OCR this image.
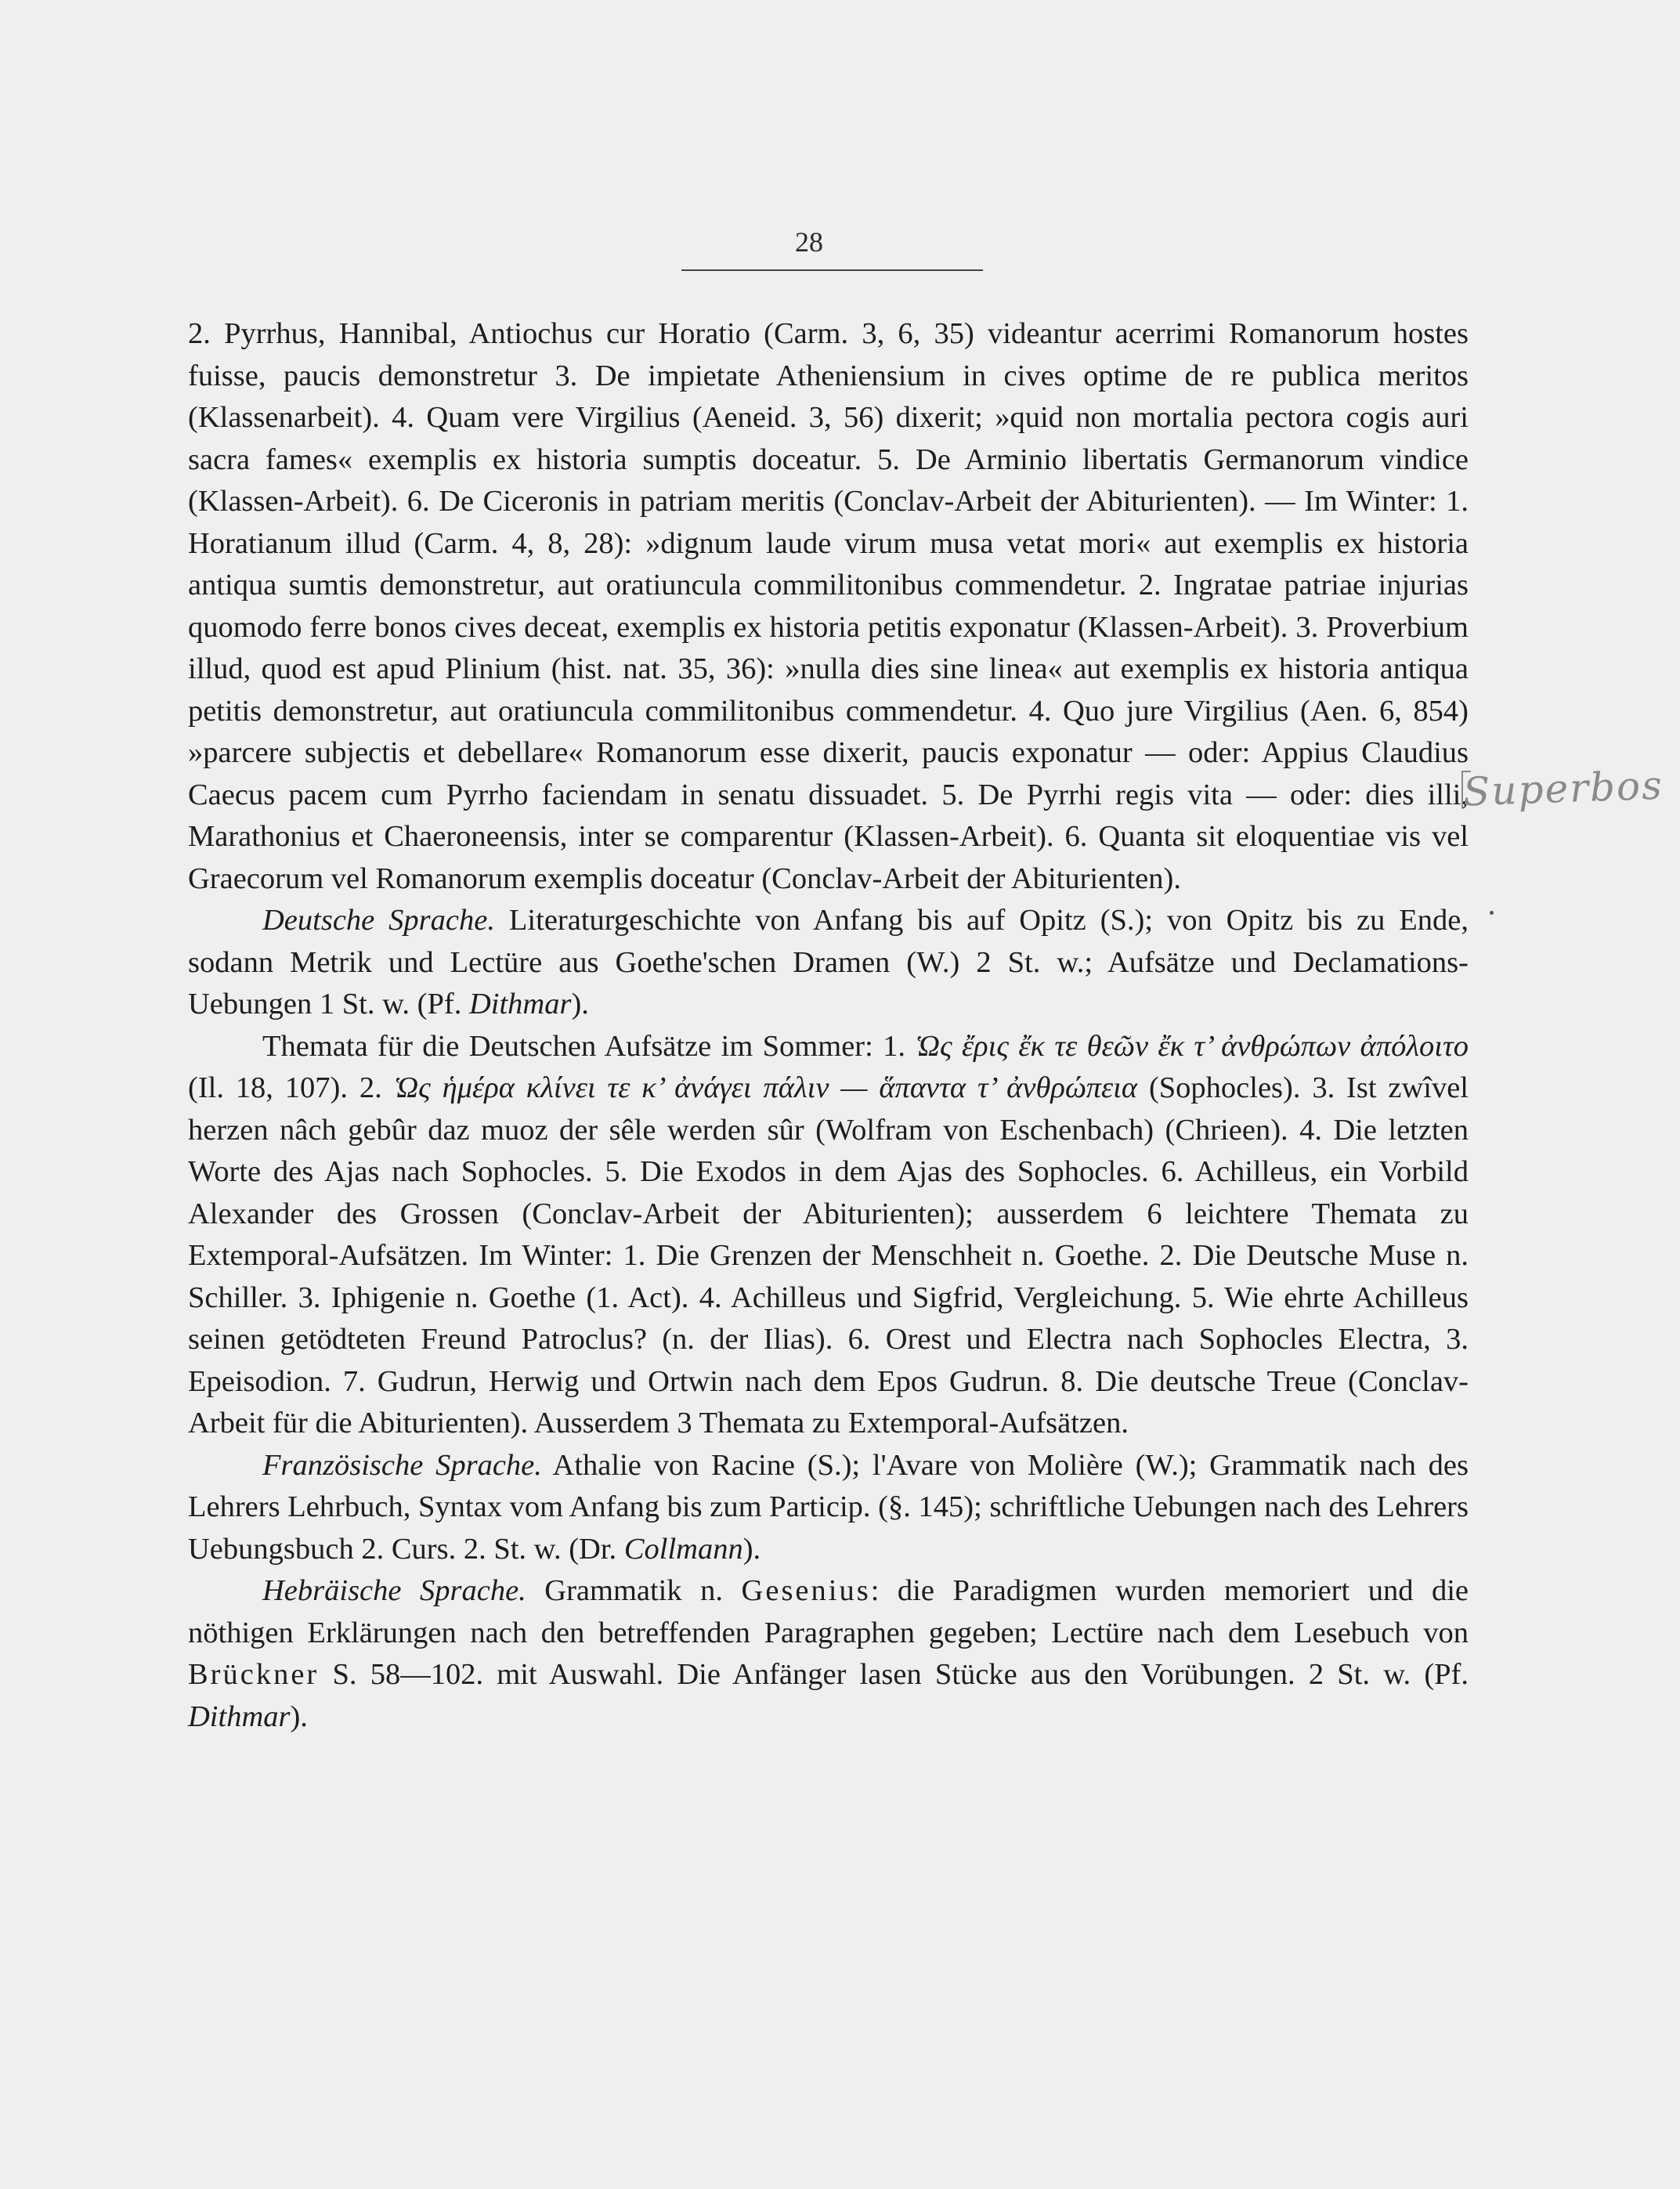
28

2. Pyrrhus, Hannibal, Antiochus cur Horatio (Carm. 3, 6, 35) videantur acerrimi Romanorum hostes fuisse, paucis demonstretur 3. De impietate Atheniensium in cives optime de re publica meritos (Klassenarbeit). 4. Quam vere Virgilius (Aeneid. 3, 56) dixerit; »quid non mortalia pectora cogis auri sacra fames« exemplis ex historia sumptis doceatur. 5. De Arminio libertatis Germanorum vindice (Klassen-Arbeit). 6. De Ciceronis in patriam meritis (Conclav-Arbeit der Abiturienten). — Im Winter: 1. Horatianum illud (Carm. 4, 8, 28): »dignum laude virum musa vetat mori« aut exemplis ex historia antiqua sumtis demonstretur, aut oratiuncula commilitonibus commendetur. 2. Ingratae patriae injurias quomodo ferre bonos cives deceat, exemplis ex historia petitis exponatur (Klassen-Arbeit). 3. Proverbium illud, quod est apud Plinium (hist. nat. 35, 36): »nulla dies sine linea« aut exemplis ex historia antiqua petitis demonstretur, aut oratiuncula commilitonibus commendetur. 4. Quo jure Virgilius (Aen. 6, 854) »parcere subjectis et debellare« Romanorum esse dixerit, paucis exponatur — oder: Appius Claudius Caecus pacem cum Pyrrho faciendam in senatu dissuadet. 5. De Pyrrhi regis vita — oder: dies illi, Marathonius et Chaeroneensis, inter se comparentur (Klassen-Arbeit). 6. Quanta sit eloquentiae vis vel Graecorum vel Romanorum exemplis doceatur (Conclav-Arbeit der Abiturienten).

Deutsche Sprache. Literaturgeschichte von Anfang bis auf Opitz (S.); von Opitz bis zu Ende, sodann Metrik und Lectüre aus Goethe'schen Dramen (W.) 2 St. w.; Aufsätze und Declamations-Uebungen 1 St. w. (Pf. Dithmar).

Themata für die Deutschen Aufsätze im Sommer: 1. Ὡς ἔρις ἔκ τε θεῶν ἔκ τ’ ἀνθρώπων ἀπόλοιτο (Il. 18, 107). 2. Ὡς ἡμέρα κλίνει τε κ’ ἀνάγει πάλιν — ἅπαντα τ’ ἀνθρώπεια (Sophocles). 3. Ist zwîvel herzen nâch gebûr daz muoz der sêle werden sûr (Wolfram von Eschenbach) (Chrieen). 4. Die letzten Worte des Ajas nach Sophocles. 5. Die Exodos in dem Ajas des Sophocles. 6. Achilleus, ein Vorbild Alexander des Grossen (Conclav-Arbeit der Abiturienten); ausserdem 6 leichtere Themata zu Extemporal-Aufsätzen. Im Winter: 1. Die Grenzen der Menschheit n. Goethe. 2. Die Deutsche Muse n. Schiller. 3. Iphigenie n. Goethe (1. Act). 4. Achilleus und Sigfrid, Vergleichung. 5. Wie ehrte Achilleus seinen getödteten Freund Patroclus? (n. der Ilias). 6. Orest und Electra nach Sophocles Electra, 3. Epeisodion. 7. Gudrun, Herwig und Ortwin nach dem Epos Gudrun. 8. Die deutsche Treue (Conclav-Arbeit für die Abiturienten). Ausserdem 3 Themata zu Extemporal-Aufsätzen.

Französische Sprache. Athalie von Racine (S.); l'Avare von Molière (W.); Grammatik nach des Lehrers Lehrbuch, Syntax vom Anfang bis zum Particip. (§. 145); schriftliche Uebungen nach des Lehrers Uebungsbuch 2. Curs. 2. St. w. (Dr. Collmann).

Hebräische Sprache. Grammatik n. Gesenius: die Paradigmen wurden memoriert und die nöthigen Erklärungen nach den betreffenden Paragraphen gegeben; Lectüre nach dem Lesebuch von Brückner S. 58—102. mit Auswahl. Die Anfänger lasen Stücke aus den Vorübungen. 2 St. w. (Pf. Dithmar).

Superbos
